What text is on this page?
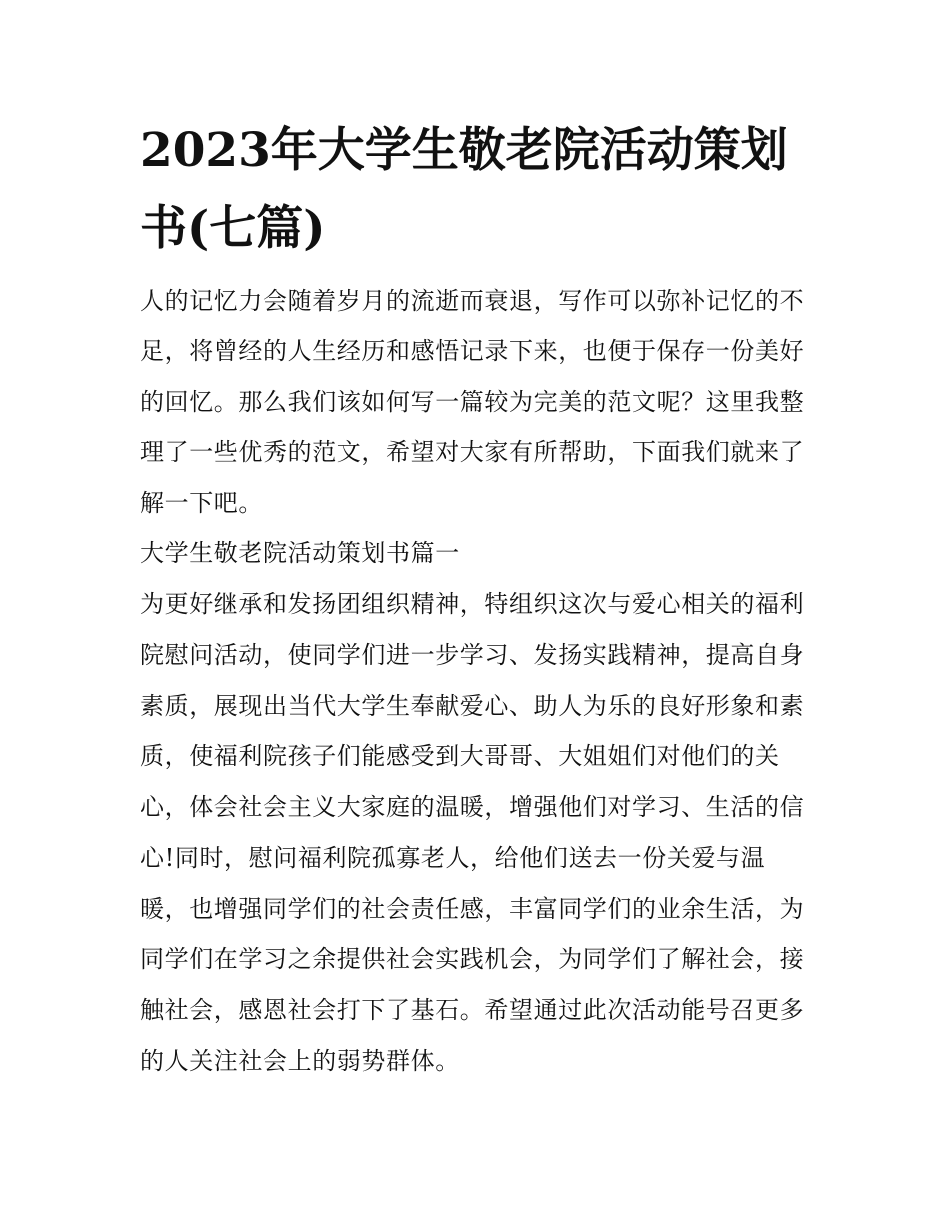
2023年大学生敬老院活动策划书(七篇)

人的记忆力会随着岁月的流逝而衰退，写作可以弥补记忆的不

足，将曾经的人生经历和感悟记录下来，也便于保存一份美好

的回忆。那么我们该如何写一篇较为完美的范文呢？这里我整

理了一些优秀的范文，希望对大家有所帮助，下面我们就来了

解一下吧。

大学生敬老院活动策划书篇一

为更好继承和发扬团组织精神，特组织这次与爱心相关的福利

院慰问活动，使同学们进一步学习、发扬实践精神，提高自身

素质，展现出当代大学生奉献爱心、助人为乐的良好形象和素

质，使福利院孩子们能感受到大哥哥、大姐姐们对他们的关

心，体会社会主义大家庭的温暖，增强他们对学习、生活的信

心!同时，慰问福利院孤寡老人，给他们送去一份关爱与温

暖，也增强同学们的社会责任感，丰富同学们的业余生活，为

同学们在学习之余提供社会实践机会，为同学们了解社会，接

触社会，感恩社会打下了基石。希望通过此次活动能号召更多

的人关注社会上的弱势群体。
